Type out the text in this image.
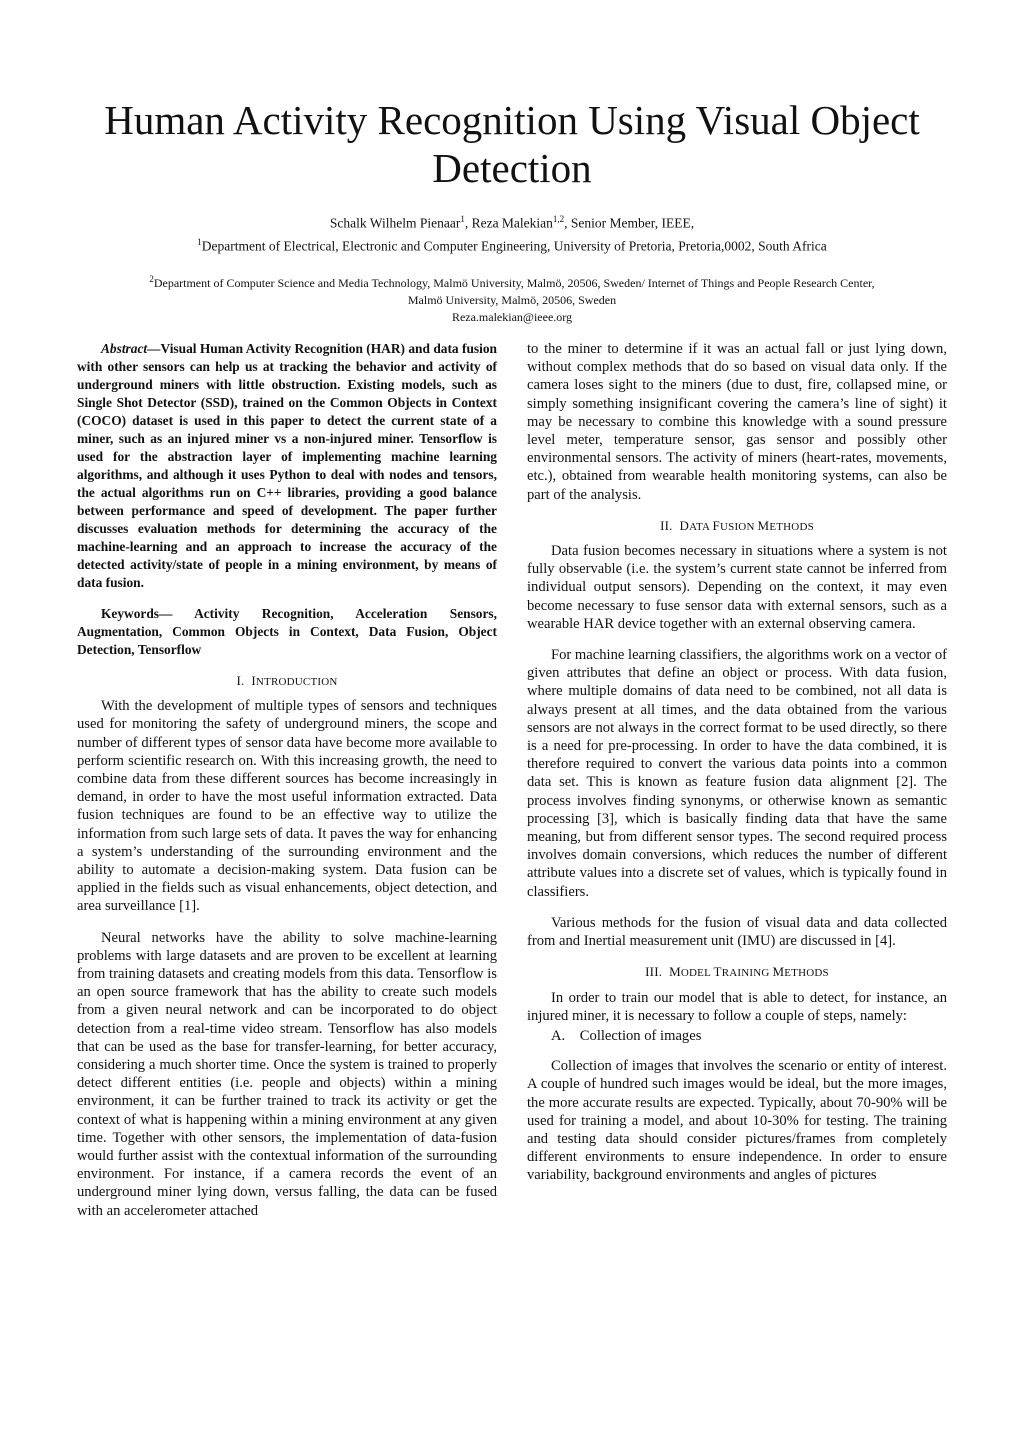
Human Activity Recognition Using Visual Object Detection
Schalk Wilhelm Pienaar$^1$, Reza Malekian$^{1,2}$, Senior Member, IEEE,
$^1$Department of Electrical, Electronic and Computer Engineering, University of Pretoria, Pretoria,0002, South Africa
$^2$Department of Computer Science and Media Technology, Malmö University, Malmö, 20506, Sweden/ Internet of Things and People Research Center,
Malmö University, Malmö, 20506, Sweden
Reza.malekian@ieee.org

Abstract—Visual Human Activity Recognition (HAR) and data fusion with other sensors can help us at tracking the behavior and activity of underground miners with little obstruction. Existing models, such as Single Shot Detector (SSD), trained on the Common Objects in Context (COCO) dataset is used in this paper to detect the current state of a miner, such as an injured miner vs a non-injured miner. Tensorflow is used for the abstraction layer of implementing machine learning algorithms, and although it uses Python to deal with nodes and tensors, the actual algorithms run on C++ libraries, providing a good balance between performance and speed of development. The paper further discusses evaluation methods for determining the accuracy of the machine-learning and an approach to increase the accuracy of the detected activity/state of people in a mining environment, by means of data fusion.

Keywords— Activity Recognition, Acceleration Sensors, Augmentation, Common Objects in Context, Data Fusion, Object Detection, Tensorflow

I. INTRODUCTION

With the development of multiple types of sensors and techniques used for monitoring the safety of underground miners, the scope and number of different types of sensor data have become more available to perform scientific research on. With this increasing growth, the need to combine data from these different sources has become increasingly in demand, in order to have the most useful information extracted. Data fusion techniques are found to be an effective way to utilize the information from such large sets of data. It paves the way for enhancing a system’s understanding of the surrounding environment and the ability to automate a decision-making system. Data fusion can be applied in the fields such as visual enhancements, object detection, and area surveillance [1].

Neural networks have the ability to solve machine-learning problems with large datasets and are proven to be excellent at learning from training datasets and creating models from this data. Tensorflow is an open source framework that has the ability to create such models from a given neural network and can be incorporated to do object detection from a real-time video stream. Tensorflow has also models that can be used as the base for transfer-learning, for better accuracy, considering a much shorter time. Once the system is trained to properly detect different entities (i.e. people and objects) within a mining environment, it can be further trained to track its activity or get the context of what is happening within a mining environment at any given time. Together with other sensors, the implementation of data-fusion would further assist with the contextual information of the surrounding environment. For instance, if a camera records the event of an underground miner lying down, versus falling, the data can be fused with an accelerometer attached

to the miner to determine if it was an actual fall or just lying down, without complex methods that do so based on visual data only. If the camera loses sight to the miners (due to dust, fire, collapsed mine, or simply something insignificant covering the camera’s line of sight) it may be necessary to combine this knowledge with a sound pressure level meter, temperature sensor, gas sensor and possibly other environmental sensors. The activity of miners (heart-rates, movements, etc.), obtained from wearable health monitoring systems, can also be part of the analysis.

II. DATA FUSION METHODS

Data fusion becomes necessary in situations where a system is not fully observable (i.e. the system’s current state cannot be inferred from individual output sensors). Depending on the context, it may even become necessary to fuse sensor data with external sensors, such as a wearable HAR device together with an external observing camera.

For machine learning classifiers, the algorithms work on a vector of given attributes that define an object or process. With data fusion, where multiple domains of data need to be combined, not all data is always present at all times, and the data obtained from the various sensors are not always in the correct format to be used directly, so there is a need for pre-processing. In order to have the data combined, it is therefore required to convert the various data points into a common data set. This is known as feature fusion data alignment [2]. The process involves finding synonyms, or otherwise known as semantic processing [3], which is basically finding data that have the same meaning, but from different sensor types. The second required process involves domain conversions, which reduces the number of different attribute values into a discrete set of values, which is typically found in classifiers.

Various methods for the fusion of visual data and data collected from and Inertial measurement unit (IMU) are discussed in [4].

III. MODEL TRAINING METHODS

In order to train our model that is able to detect, for instance, an injured miner, it is necessary to follow a couple of steps, namely:

A. Collection of images

Collection of images that involves the scenario or entity of interest. A couple of hundred such images would be ideal, but the more images, the more accurate results are expected. Typically, about 70-90% will be used for training a model, and about 10-30% for testing. The training and testing data should consider pictures/frames from completely different environments to ensure independence. In order to ensure variability, background environments and angles of pictures
